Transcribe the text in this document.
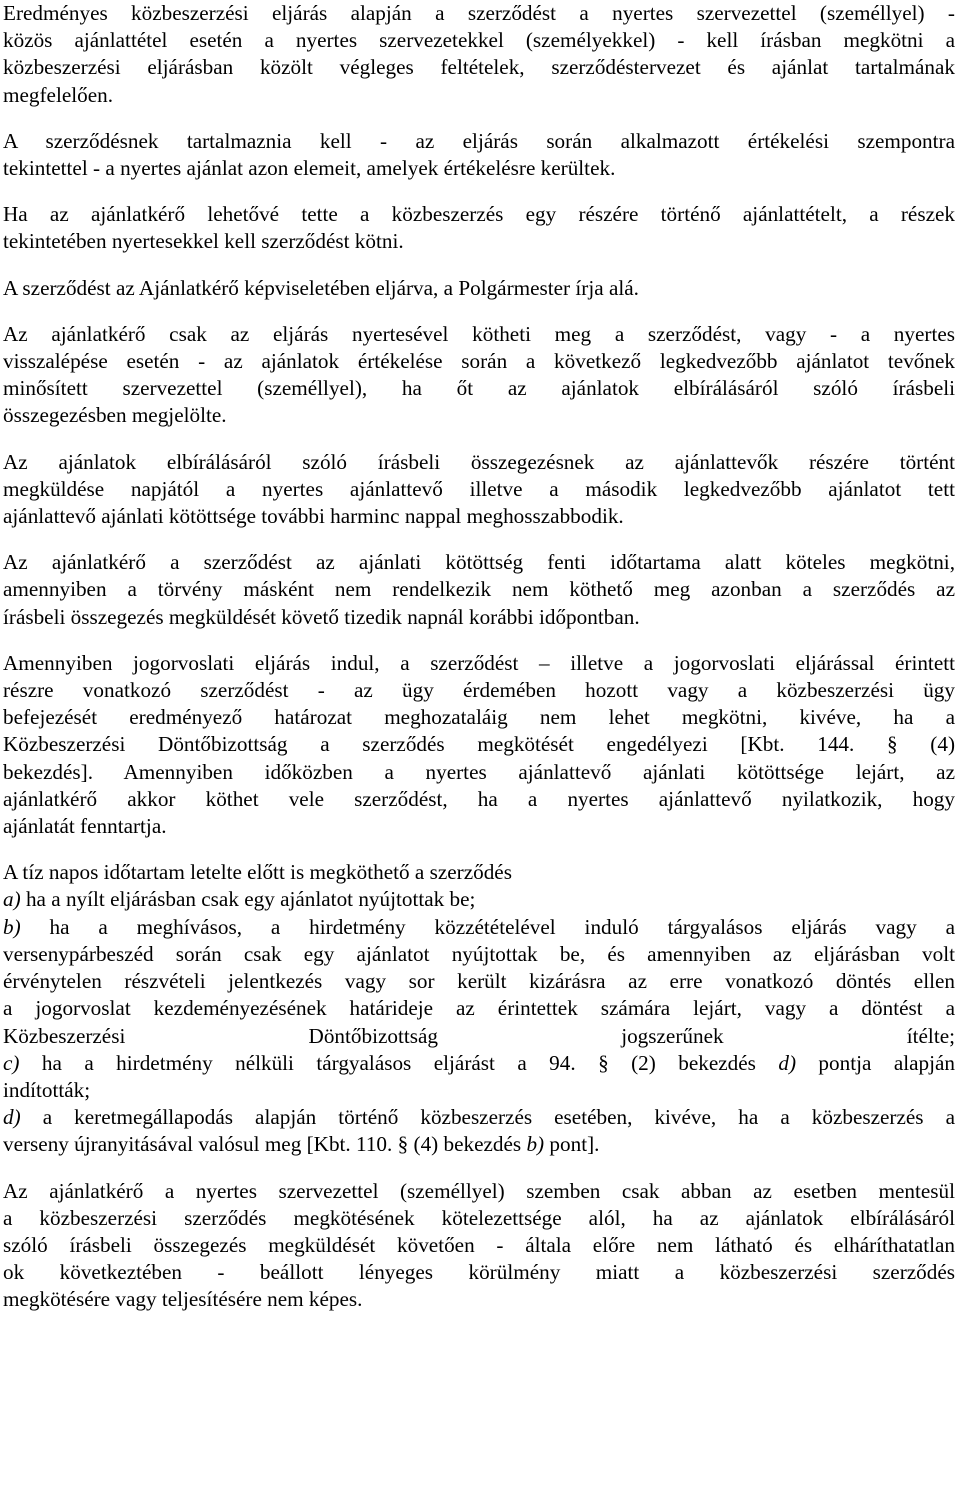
Eredményes közbeszerzési eljárás alapján a szerződést a nyertes szervezettel (személlyel) -
közös ajánlattétel esetén a nyertes szervezetekkel (személyekkel) - kell írásban megkötni a
közbeszerzési eljárásban közölt végleges feltételek, szerződéstervezet és ajánlat tartalmának
megfelelően.
A szerződésnek tartalmaznia kell - az eljárás során alkalmazott értékelési szempontra
tekintettel - a nyertes ajánlat azon elemeit, amelyek értékelésre kerültek.
Ha az ajánlatkérő lehetővé tette a közbeszerzés egy részére történő ajánlattételt, a részek
tekintetében nyertesekkel kell szerződést kötni.
A szerződést az Ajánlatkérő képviseletében eljárva, a Polgármester írja alá.
Az ajánlatkérő csak az eljárás nyertesével kötheti meg a szerződést, vagy - a nyertes
visszalépése esetén - az ajánlatok értékelése során a következő legkedvezőbb ajánlatot tevőnek
minősített szervezettel (személlyel), ha őt az ajánlatok elbírálásáról szóló írásbeli
összegezésben megjelölte.
Az ajánlatok elbírálásáról szóló írásbeli összegezésnek az ajánlattevők részére történt
megküldése napjától a nyertes ajánlattevő illetve a második legkedvezőbb ajánlatot tett
ajánlattevő ajánlati kötöttsége további harminc nappal meghosszabbodik.
Az ajánlatkérő a szerződést az ajánlati kötöttség fenti időtartama alatt köteles megkötni,
amennyiben a törvény másként nem rendelkezik nem köthető meg azonban a szerződés az
írásbeli összegezés megküldését követő tizedik napnál korábbi időpontban.
Amennyiben jogorvoslati eljárás indul, a szerződést – illetve a jogorvoslati eljárással érintett
részre vonatkozó szerződést - az ügy érdemében hozott vagy a közbeszerzési ügy
befejezését eredményező határozat meghozataláig nem lehet megkötni, kivéve, ha a
Közbeszerzési Döntőbizottság a szerződés megkötését engedélyezi [Kbt. 144. § (4)
bekezdés]. Amennyiben időközben a nyertes ajánlattevő ajánlati kötöttsége lejárt, az
ajánlatkérő akkor köthet vele szerződést, ha a nyertes ajánlattevő nyilatkozik, hogy
ajánlatát fenntartja.
A tíz napos időtartam letelte előtt is megköthető a szerződés
a) ha a nyílt eljárásban csak egy ajánlatot nyújtottak be;
b) ha a meghívásos, a hirdetmény közzétételével induló tárgyalásos eljárás vagy a
versenypárbeszéd során csak egy ajánlatot nyújtottak be, és amennyiben az eljárásban volt
érvénytelen részvételi jelentkezés vagy sor került kizárásra az erre vonatkozó döntés ellen
a jogorvoslat kezdeményezésének határideje az érintettek számára lejárt, vagy a döntést a
Közbeszerzési Döntőbizottság jogszerűnek ítélte;
c) ha a hirdetmény nélküli tárgyalásos eljárást a 94. § (2) bekezdés d) pontja alapján
indították;
d) a keretmegállapodás alapján történő közbeszerzés esetében, kivéve, ha a közbeszerzés a
verseny újranyitásával valósul meg [Kbt. 110. § (4) bekezdés b) pont].
Az ajánlatkérő a nyertes szervezettel (személlyel) szemben csak abban az esetben mentesül
a közbeszerzési szerződés megkötésének kötelezettsége alól, ha az ajánlatok elbírálásáról
szóló írásbeli összegezés megküldését követően - általa előre nem látható és elháríthatatlan
ok következtében - beállott lényeges körülmény miatt a közbeszerzési szerződés
megkötésére vagy teljesítésére nem képes.
